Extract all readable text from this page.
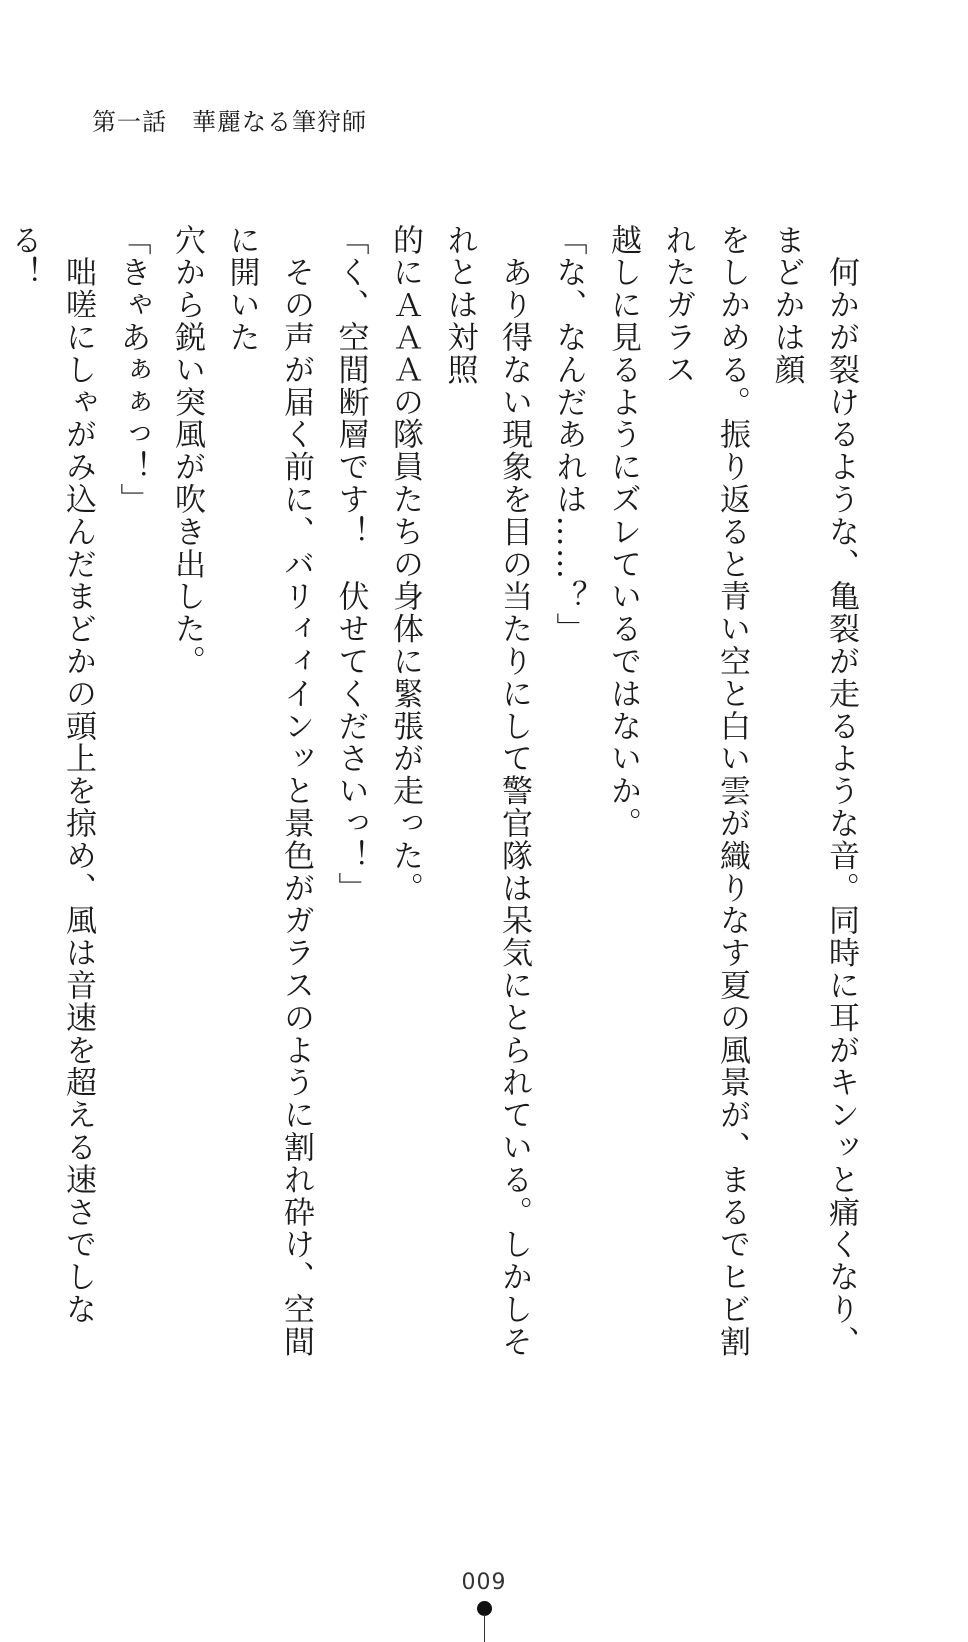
第一話　華麗なる筆狩師

　何かが裂けるような、亀裂が走るような音。同時に耳がキンッと痛くなり、まどかは顔

をしかめる。振り返ると青い空と白い雲が織りなす夏の風景が、まるでヒビ割れたガラス

越しに見るようにズレているではないか。

「な、なんだあれは……？」

　あり得ない現象を目の当たりにして警官隊は呆気にとられている。しかしそれとは対照

的にＡＡＡの隊員たちの身体に緊張が走った。

「く、空間断層です！　伏せてくださいっ！」

　その声が届く前に、バリィィインッと景色がガラスのように割れ砕け、空間に開いた

穴から鋭い突風が吹き出した。

「きゃあぁぁっ！」

　咄嗟にしゃがみ込んだまどかの頭上を掠め、風は音速を超える速さでしなる！

009
